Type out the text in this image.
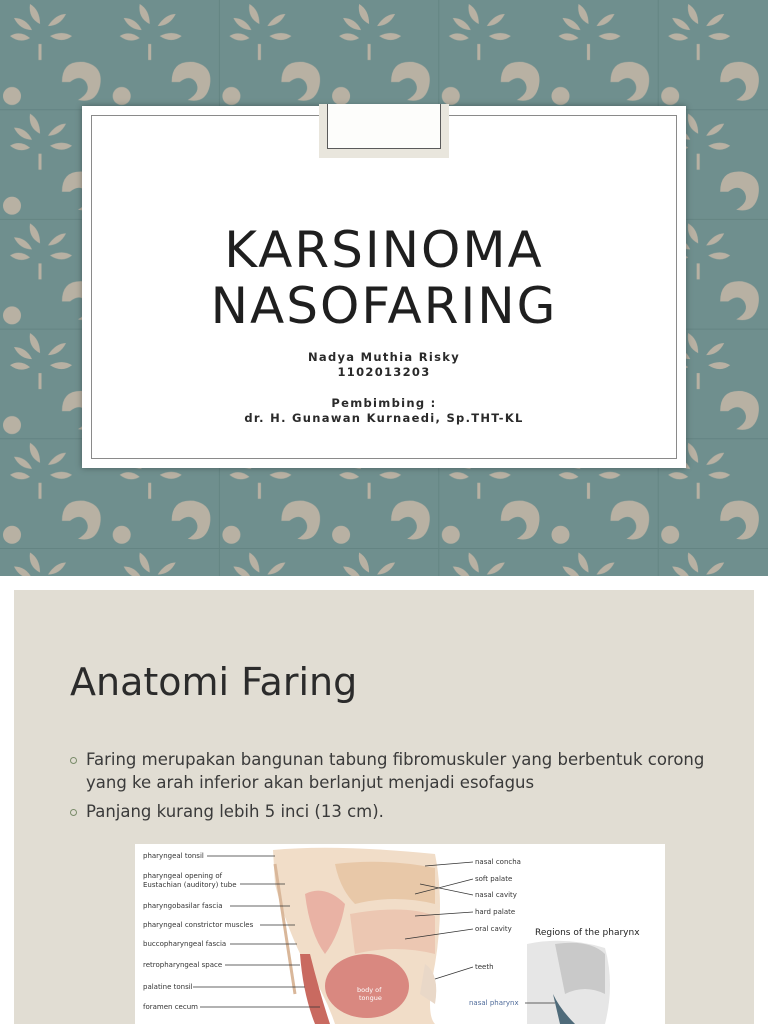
KARSINOMA
NASOFARING

Nadya Muthia Risky

1102013203

Pembimbing :

dr. H. Gunawan Kurnaedi, Sp.THT-KL

Anatomi Faring
Faring merupakan bangunan tabung fibromuskuler yang berbentuk corong yang ke arah inferior akan berlanjut menjadi esofagus
Panjang kurang lebih 5 inci (13 cm).
pharyngeal tonsil
pharyngeal opening of
Eustachian (auditory) tube
pharyngobasilar fascia
pharyngeal constrictor muscles
buccopharyngeal fascia
retropharyngeal space
palatine tonsil
foramen cecum
nasal concha
soft palate
nasal cavity
hard palate
oral cavity
teeth
body of
tongue
Regions of the pharynx
nasal pharynx
